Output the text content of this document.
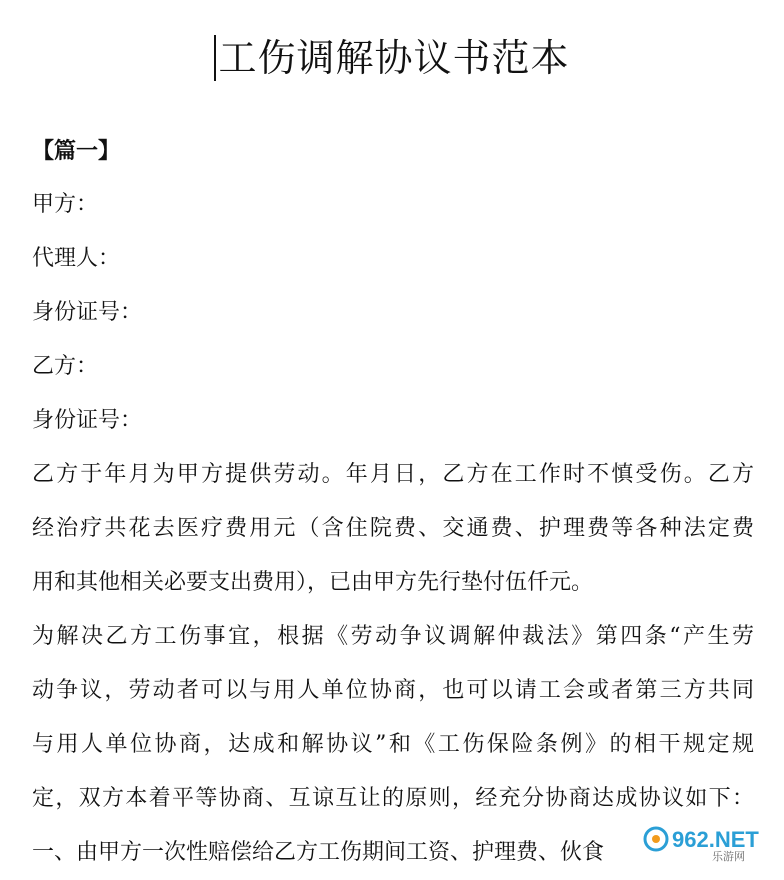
工伤调解协议书范本
【篇一】
甲方：
代理人：
身份证号：
乙方：
身份证号：
乙方于年月为甲方提供劳动。年月日，乙方在工作时不慎受伤。乙方
经治疗共花去医疗费用元（含住院费、交通费、护理费等各种法定费
用和其他相关必要支出费用），已由甲方先行垫付伍仟元。
为解决乙方工伤事宜，根据《劳动争议调解仲裁法》第四条“产生劳
动争议，劳动者可以与用人单位协商，也可以请工会或者第三方共同
与用人单位协商，达成和解协议”和《工伤保险条例》的相干规定规
定，双方本着平等协商、互谅互让的原则，经充分协商达成协议如下：
一、由甲方一次性赔偿给乙方工伤期间工资、护理费、伙食
962.NET
乐游网
